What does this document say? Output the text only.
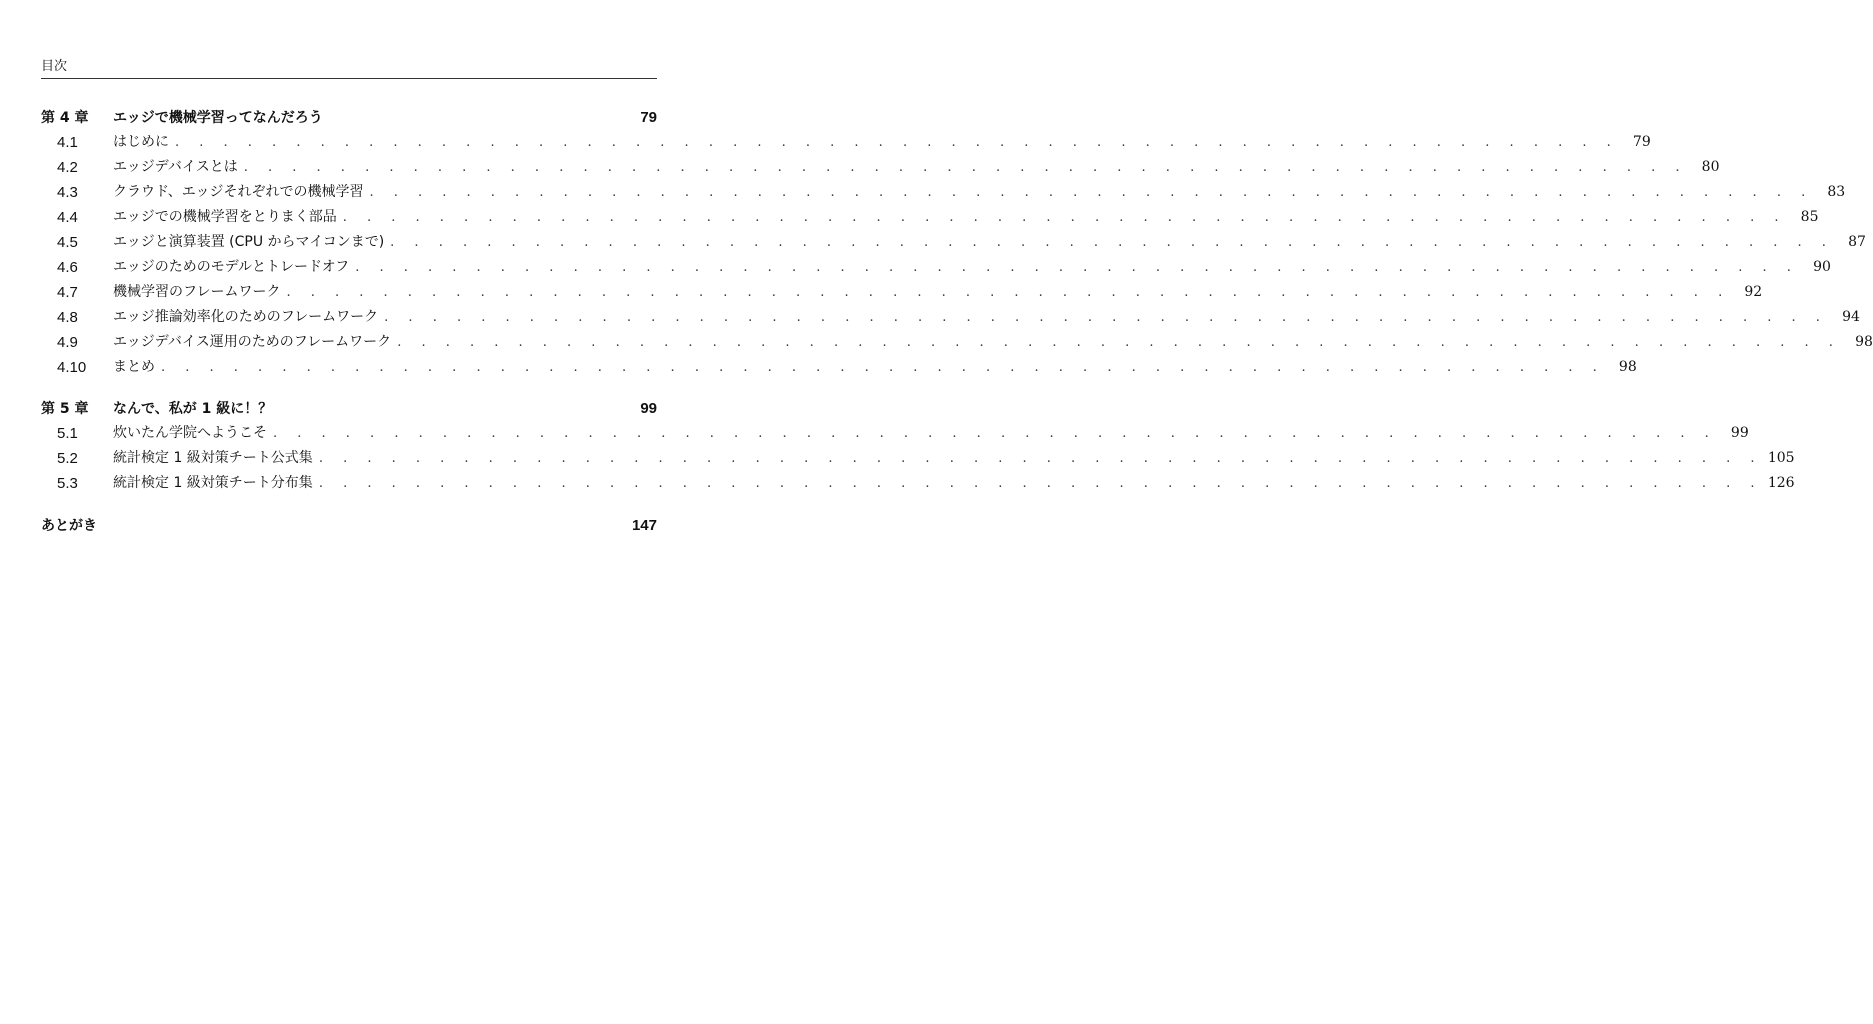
目次
第 4 章	エッジで機械学習ってなんだろう	79
4.1	はじめに . . . . . . . . . . . . . . . . . . . . . . . . . . . . . . . . . . . . . . . . . . . . . . . . . . . . . . . . . . . .	79
4.2	エッジデバイスとは . . . . . . . . . . . . . . . . . . . . . . . . . . . . . . . . . . . . . . . . . . . . . . . . . . . . . . . . . . . .	80
4.3	クラウド、エッジそれぞれでの機械学習 . . . . . . . . . . . . . . . . . . . . . . . . . . . . . . . . . . . . . . . . . . . . . . . . . . . . . . . . . . . .	83
4.4	エッジでの機械学習をとりまく部品 . . . . . . . . . . . . . . . . . . . . . . . . . . . . . . . . . . . . . . . . . . . . . . . . . . . . . . . . . . . .	85
4.5	エッジと演算装置 (CPU からマイコンまで) . . . . . . . . . . . . . . . . . . . . . . . . . . . . . . . . . . . . . . . . . . . . . . . . . . . . . . . . . . . .	87
4.6	エッジのためのモデルとトレードオフ . . . . . . . . . . . . . . . . . . . . . . . . . . . . . . . . . . . . . . . . . . . . . . . . . . . . . . . . . . . .	90
4.7	機械学習のフレームワーク . . . . . . . . . . . . . . . . . . . . . . . . . . . . . . . . . . . . . . . . . . . . . . . . . . . . . . . . . . . .	92
4.8	エッジ推論効率化のためのフレームワーク . . . . . . . . . . . . . . . . . . . . . . . . . . . . . . . . . . . . . . . . . . . . . . . . . . . . . . . . . . . .	94
4.9	エッジデバイス運用のためのフレームワーク . . . . . . . . . . . . . . . . . . . . . . . . . . . . . . . . . . . . . . . . . . . . . . . . . . . . . . . . . . . .	98
4.10	まとめ . . . . . . . . . . . . . . . . . . . . . . . . . . . . . . . . . . . . . . . . . . . . . . . . . . . . . . . . . . . .	98
第 5 章	なんで、私が 1 級に！？	99
5.1	炊いたん学院へようこそ . . . . . . . . . . . . . . . . . . . . . . . . . . . . . . . . . . . . . . . . . . . . . . . . . . . . . . . . . . . .	99
5.2	統計検定 1 級対策チート公式集 . . . . . . . . . . . . . . . . . . . . . . . . . . . . . . . . . . . . . . . . . . . . . . . . . . . . . . . . . . . . 105
5.3	統計検定 1 級対策チート分布集 . . . . . . . . . . . . . . . . . . . . . . . . . . . . . . . . . . . . . . . . . . . . . . . . . . . . . . . . . . . . 126
あとがき	147
